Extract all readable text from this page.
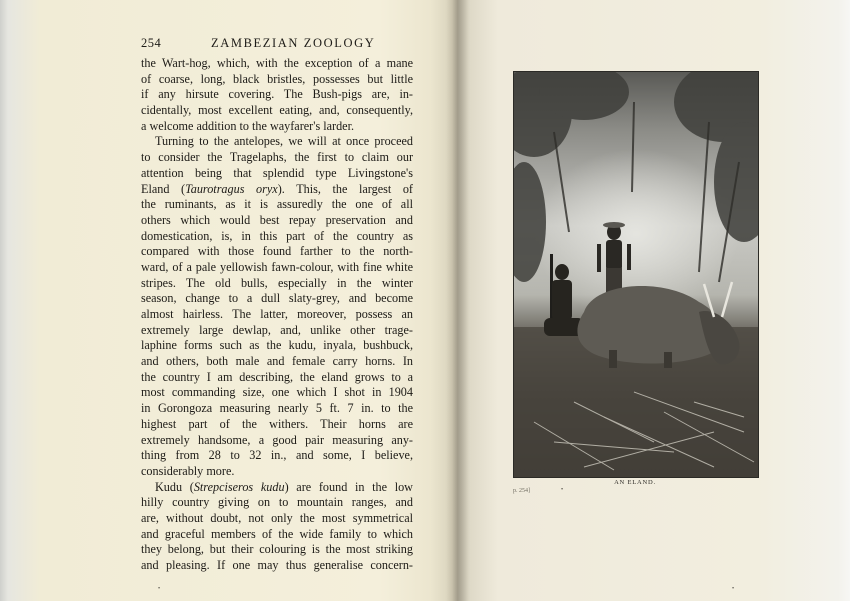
254	ZAMBEZIAN ZOOLOGY
the Wart-hog, which, with the exception of a mane
of coarse, long, black bristles, possesses but little
if any hirsute covering. The Bush-pigs are, in-
cidentally, most excellent eating, and, consequently,
a welcome addition to the wayfarer's larder.
Turning to the antelopes, we will at once proceed
to consider the Tragelaphs, the first to claim our
attention being that splendid type Livingstone's
Eland (Taurotragus oryx). This, the largest of
the ruminants, as it is assuredly the one of all
others which would best repay preservation and
domestication, is, in this part of the country as
compared with those found farther to the north-
ward, of a pale yellowish fawn-colour, with fine white
stripes. The old bulls, especially in the winter
season, change to a dull slaty-grey, and become
almost hairless. The latter, moreover, possess an
extremely large dewlap, and, unlike other trage-
laphine forms such as the kudu, inyala, bushbuck,
and others, both male and female carry horns. In
the country I am describing, the eland grows to a
most commanding size, one which I shot in 1904
in Gorongoza measuring nearly 5 ft. 7 in. to the
highest part of the withers. Their horns are
extremely handsome, a good pair measuring any-
thing from 28 to 32 in., and some, I believe,
considerably more.
Kudu (Strepciseros kudu) are found in the low
hilly country giving on to mountain ranges, and
are, without doubt, not only the most symmetrical
and graceful members of the wide family to which
they belong, but their colouring is the most striking
and pleasing. If one may thus generalise concern-
•
AN ELAND.
p. 254]	•
•
